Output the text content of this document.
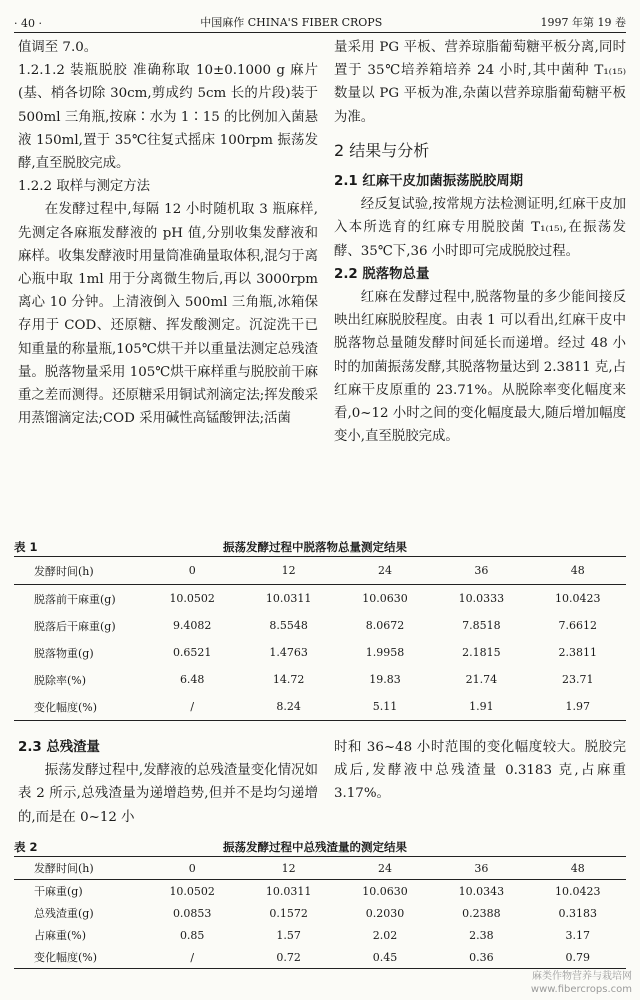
· 40 ·	中国麻作 CHINA'S FIBER CROPS	1997 年第 19 卷

值调至 7.0。

1.2.1.2 装瓶脱胶 准确称取 10±0.1000 g 麻片(基、梢各切除 30cm,剪成约 5cm 长的片段)装于 500ml 三角瓶,按麻∶水为 1∶15 的比例加入菌悬液 150ml,置于 35℃往复式摇床 100rpm 振荡发酵,直至脱胶完成。

1.2.2 取样与测定方法

在发酵过程中,每隔 12 小时随机取 3 瓶麻样,先测定各麻瓶发酵液的 pH 值,分别收集发酵液和麻样。收集发酵液时用量筒准确量取体积,混匀于离心瓶中取 1ml 用于分离微生物后,再以 3000rpm 离心 10 分钟。上清液倒入 500ml 三角瓶,冰箱保存用于 COD、还原糖、挥发酸测定。沉淀洗干已知重量的称量瓶,105℃烘干并以重量法测定总残渣量。脱落物量采用 105℃烘干麻样重与脱胶前干麻重之差而测得。还原糖采用铜试剂滴定法;挥发酸采用蒸馏滴定法;COD 采用碱性高锰酸钾法;活菌

量采用 PG 平板、营养琼脂葡萄糖平板分离,同时置于 35℃培养箱培养 24 小时,其中菌种 T₁₍₁₅₎ 数量以 PG 平板为准,杂菌以营养琼脂葡萄糖平板为准。

2 结果与分析

2.1 红麻干皮加菌振荡脱胶周期

经反复试验,按常规方法检测证明,红麻干皮加入本所选育的红麻专用脱胶菌 T₁₍₁₅₎,在振荡发酵、35℃下,36 小时即可完成脱胶过程。

2.2 脱落物总量

红麻在发酵过程中,脱落物量的多少能间接反映出红麻脱胶程度。由表 1 可以看出,红麻干皮中脱落物总量随发酵时间延长而递增。经过 48 小时的加菌振荡发酵,其脱落物量达到 2.3811 克,占红麻干皮原重的 23.71%。从脱除率变化幅度来看,0~12 小时之间的变化幅度最大,随后增加幅度变小,直至脱胶完成。

表 1	振荡发酵过程中脱落物总量测定结果
发酵时间(h)	0	12	24	36	48
脱落前干麻重(g)	10.0502	10.0311	10.0630	10.0333	10.0423
脱落后干麻重(g)	9.4082	8.5548	8.0672	7.8518	7.6612
脱落物重(g)	0.6521	1.4763	1.9958	2.1815	2.3811
脱除率(%)	6.48	14.72	19.83	21.74	23.71
变化幅度(%)	/	8.24	5.11	1.91	1.97

2.3 总残渣量

振荡发酵过程中,发酵液的总残渣量变化情况如表 2 所示,总残渣量为递增趋势,但并不是均匀递增的,而是在 0~12 小

时和 36~48 小时范围的变化幅度较大。脱胶完成后,发酵液中总残渣量 0.3183 克,占麻重 3.17%。

表 2	振荡发酵过程中总残渣量的测定结果
发酵时间(h)	0	12	24	36	48
干麻重(g)	10.0502	10.0311	10.0630	10.0343	10.0423
总残渣重(g)	0.0853	0.1572	0.2030	0.2388	0.3183
占麻重(%)	0.85	1.57	2.02	2.38	3.17
变化幅度(%)	/	0.72	0.45	0.36	0.79
麻类作物营养与栽培网
www.fibercrops.com
